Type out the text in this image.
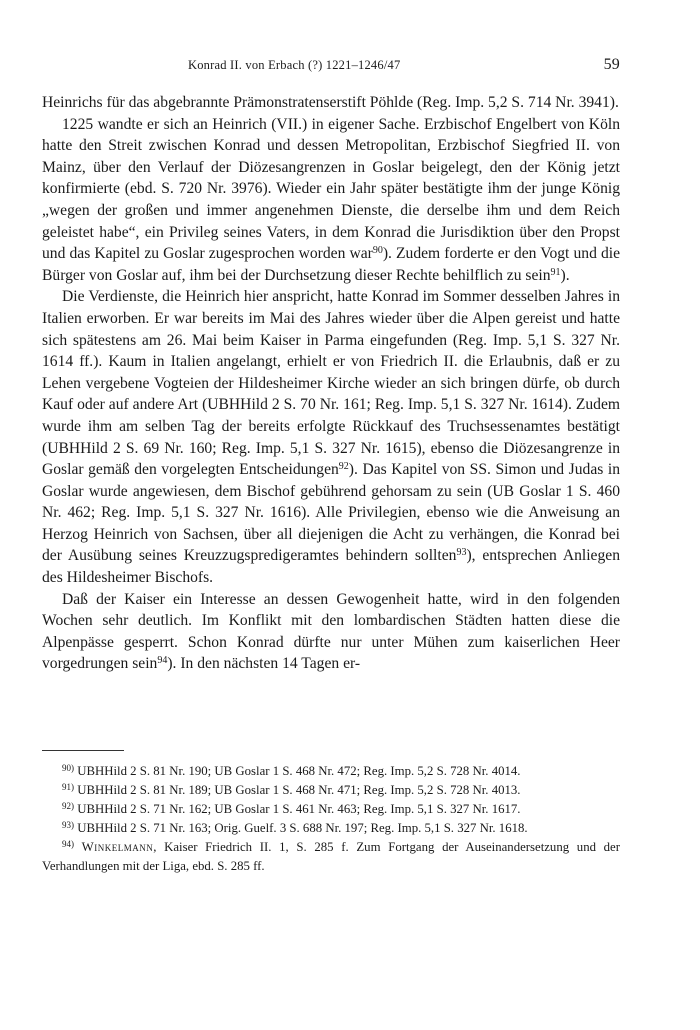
Konrad II. von Erbach (?) 1221–1246/47	59

Heinrichs für das abgebrannte Prämonstratenserstift Pöhlde (Reg. Imp. 5,2 S. 714 Nr. 3941).

1225 wandte er sich an Heinrich (VII.) in eigener Sache. Erzbischof Engelbert von Köln hatte den Streit zwischen Konrad und dessen Metropolitan, Erzbischof Siegfried II. von Mainz, über den Verlauf der Diözesangrenzen in Goslar beigelegt, den der König jetzt konfirmierte (ebd. S. 720 Nr. 3976). Wieder ein Jahr später bestätigte ihm der junge König „wegen der großen und immer angenehmen Dienste, die derselbe ihm und dem Reich geleistet habe“, ein Privileg seines Vaters, in dem Konrad die Jurisdiktion über den Propst und das Kapitel zu Goslar zugesprochen worden war$^{90}$). Zudem forderte er den Vogt und die Bürger von Goslar auf, ihm bei der Durchsetzung dieser Rechte behilflich zu sein$^{91}$).

Die Verdienste, die Heinrich hier anspricht, hatte Konrad im Sommer desselben Jahres in Italien erworben. Er war bereits im Mai des Jahres wieder über die Alpen gereist und hatte sich spätestens am 26. Mai beim Kaiser in Parma eingefunden (Reg. Imp. 5,1 S. 327 Nr. 1614 ff.). Kaum in Italien angelangt, erhielt er von Friedrich II. die Erlaubnis, daß er zu Lehen vergebene Vogteien der Hildesheimer Kirche wieder an sich bringen dürfe, ob durch Kauf oder auf andere Art (UBHHild 2 S. 70 Nr. 161; Reg. Imp. 5,1 S. 327 Nr. 1614). Zudem wurde ihm am selben Tag der bereits erfolgte Rückkauf des Truchsessenamtes bestätigt (UBHHild 2 S. 69 Nr. 160; Reg. Imp. 5,1 S. 327 Nr. 1615), ebenso die Diözesangrenze in Goslar gemäß den vorgelegten Entscheidungen$^{92}$). Das Kapitel von SS. Simon und Judas in Goslar wurde angewiesen, dem Bischof gebührend gehorsam zu sein (UB Goslar 1 S. 460 Nr. 462; Reg. Imp. 5,1 S. 327 Nr. 1616). Alle Privilegien, ebenso wie die Anweisung an Herzog Heinrich von Sachsen, über all diejenigen die Acht zu verhängen, die Konrad bei der Ausübung seines Kreuzzugspredigeramtes behindern sollten$^{93}$), entsprechen Anliegen des Hildesheimer Bischofs.

Daß der Kaiser ein Interesse an dessen Gewogenheit hatte, wird in den folgenden Wochen sehr deutlich. Im Konflikt mit den lombardischen Städten hatten diese die Alpenpässe gesperrt. Schon Konrad dürfte nur unter Mühen zum kaiserlichen Heer vorgedrungen sein$^{94}$). In den nächsten 14 Tagen er-

$^{90)}$ UBHHild 2 S. 81 Nr. 190; UB Goslar 1 S. 468 Nr. 472; Reg. Imp. 5,2 S. 728 Nr. 4014.

$^{91)}$ UBHHild 2 S. 81 Nr. 189; UB Goslar 1 S. 468 Nr. 471; Reg. Imp. 5,2 S. 728 Nr. 4013.

$^{92)}$ UBHHild 2 S. 71 Nr. 162; UB Goslar 1 S. 461 Nr. 463; Reg. Imp. 5,1 S. 327 Nr. 1617.

$^{93)}$ UBHHild 2 S. 71 Nr. 163; Orig. Guelf. 3 S. 688 Nr. 197; Reg. Imp. 5,1 S. 327 Nr. 1618.

$^{94)}$ Winkelmann, Kaiser Friedrich II. 1, S. 285 f. Zum Fortgang der Auseinandersetzung und der Verhandlungen mit der Liga, ebd. S. 285 ff.
